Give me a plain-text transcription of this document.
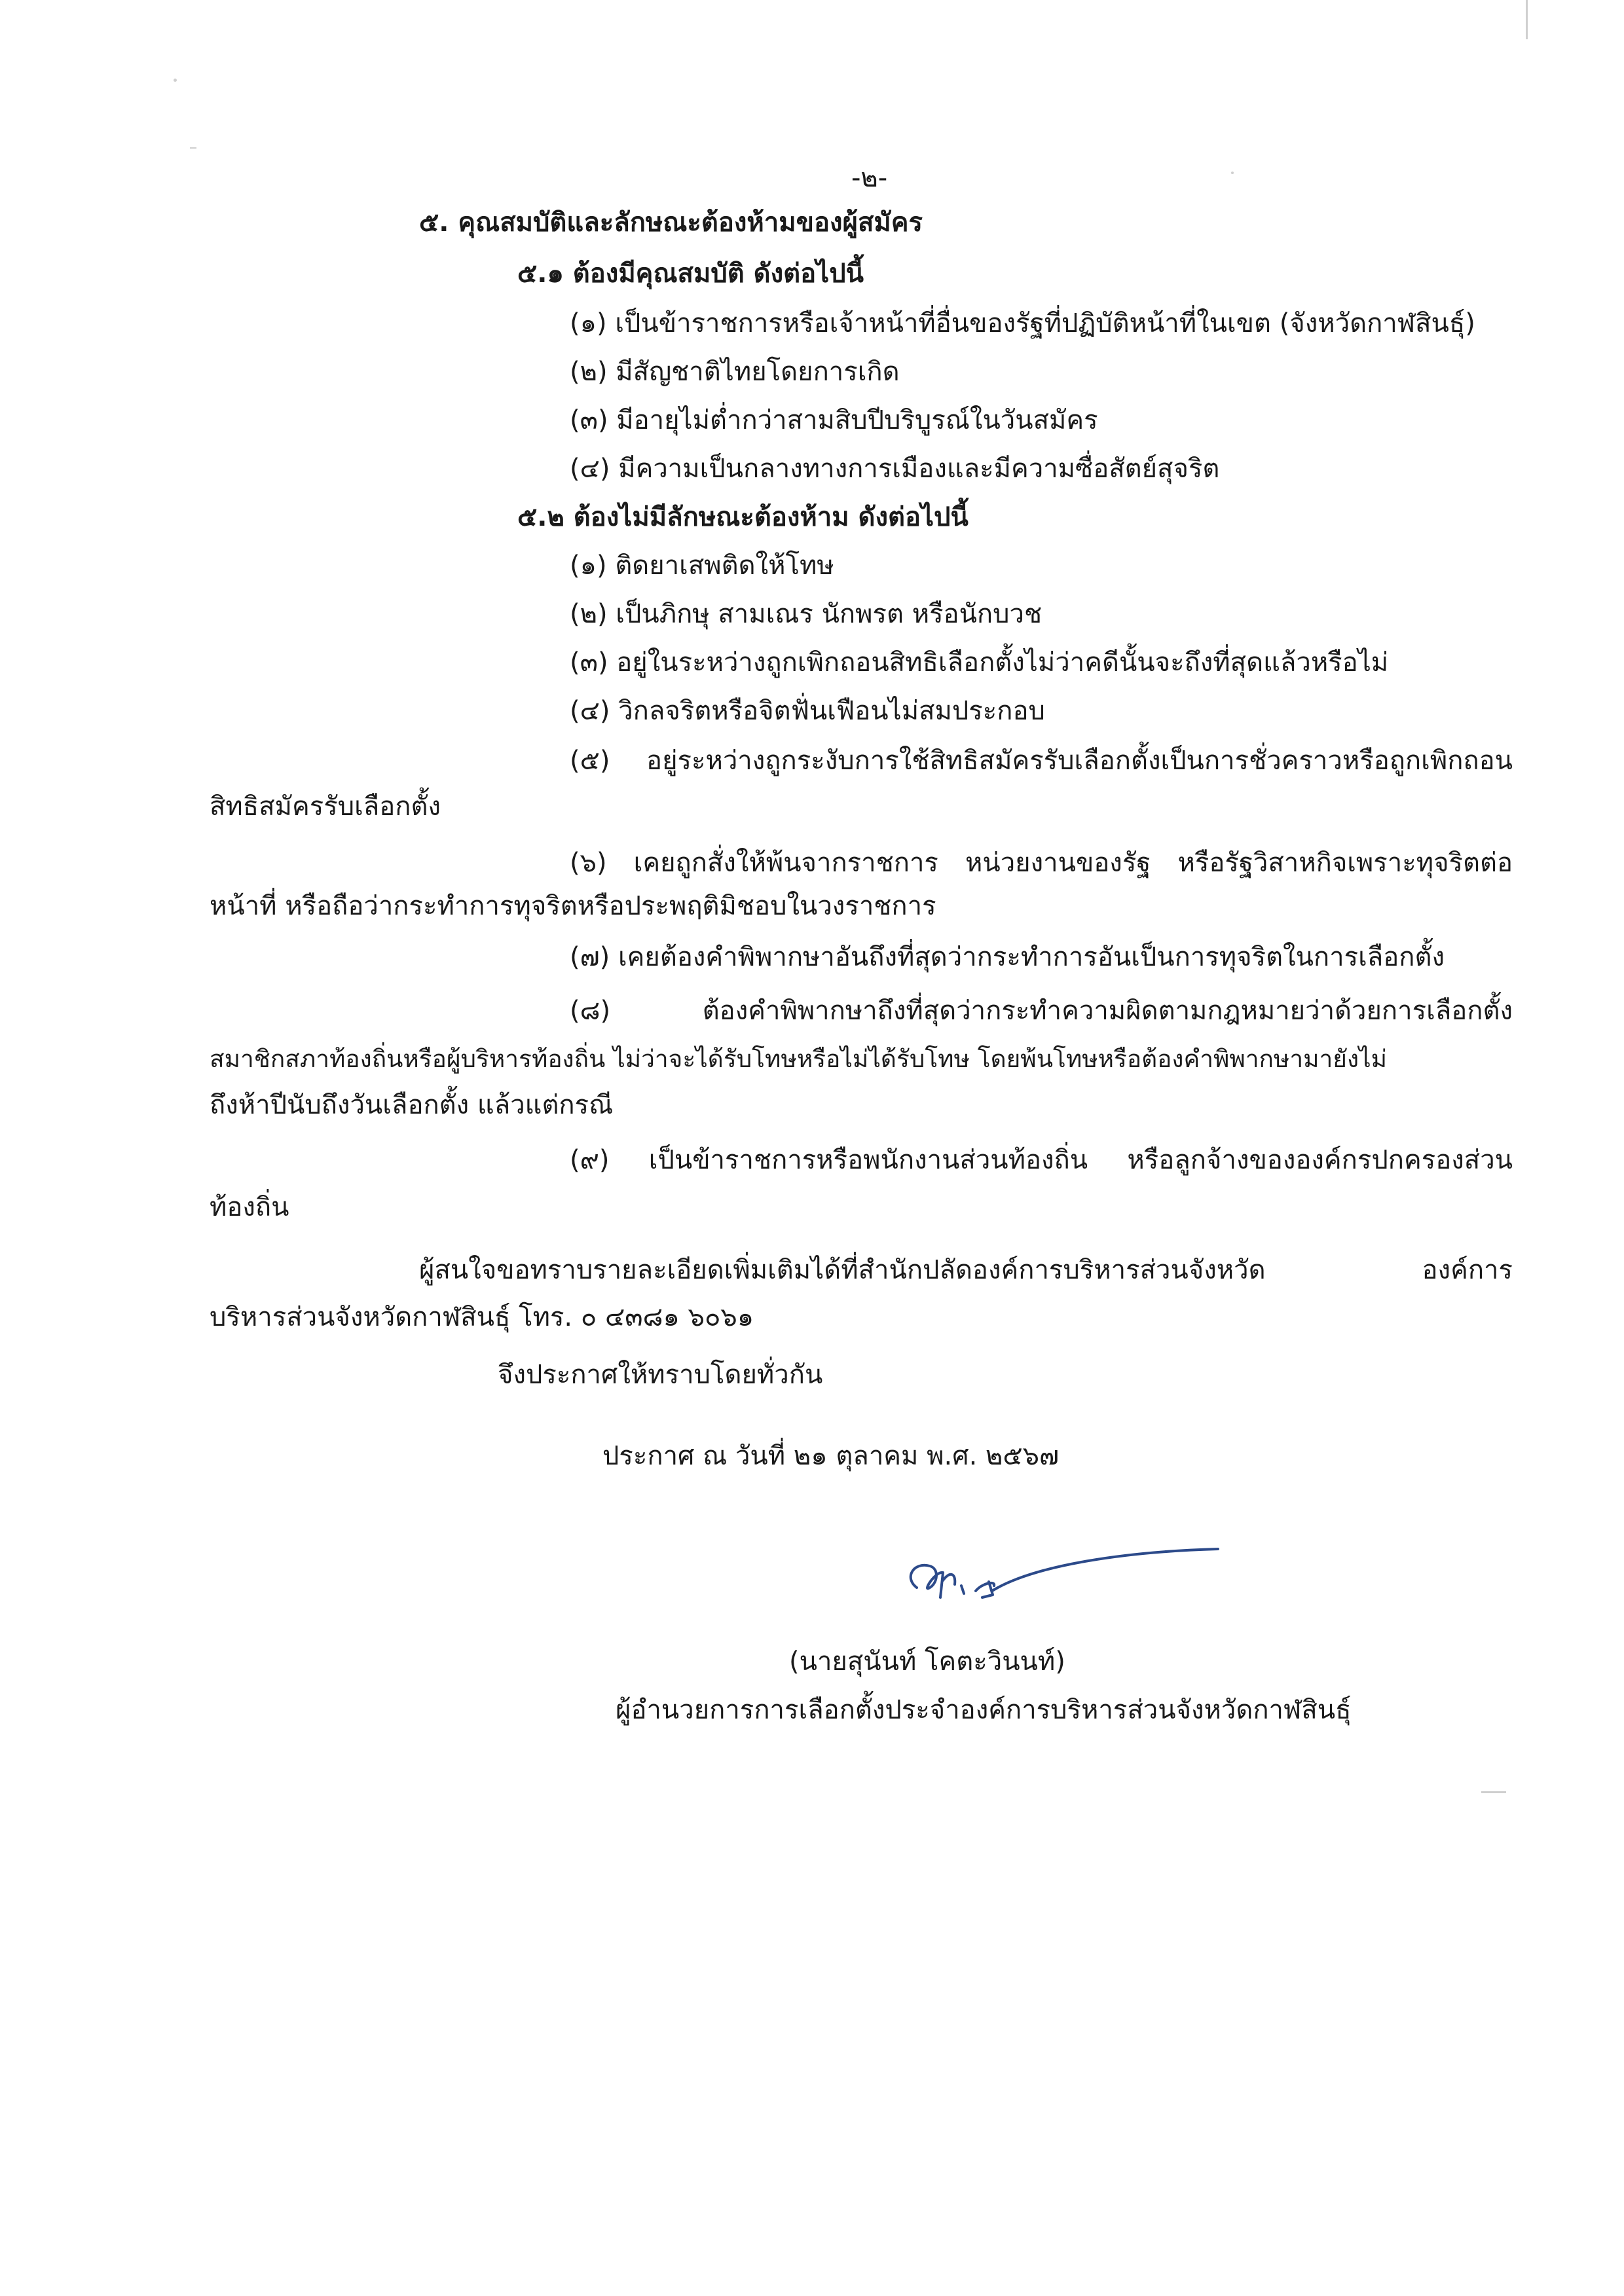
-๒-
๕. คุณสมบัติและลักษณะต้องห้ามของผู้สมัคร
๕.๑ ต้องมีคุณสมบัติ ดังต่อไปนี้
(๑) เป็นข้าราชการหรือเจ้าหน้าที่อื่นของรัฐที่ปฏิบัติหน้าที่ในเขต (จังหวัดกาฬสินธุ์)
(๒) มีสัญชาติไทยโดยการเกิด
(๓) มีอายุไม่ต่ำกว่าสามสิบปีบริบูรณ์ในวันสมัคร
(๔) มีความเป็นกลางทางการเมืองและมีความซื่อสัตย์สุจริต
๕.๒ ต้องไม่มีลักษณะต้องห้าม ดังต่อไปนี้
(๑) ติดยาเสพติดให้โทษ
(๒) เป็นภิกษุ สามเณร นักพรต หรือนักบวช
(๓) อยู่ในระหว่างถูกเพิกถอนสิทธิเลือกตั้งไม่ว่าคดีนั้นจะถึงที่สุดแล้วหรือไม่
(๔) วิกลจริตหรือจิตฟั่นเฟือนไม่สมประกอบ
(๕) อยู่ระหว่างถูกระงับการใช้สิทธิสมัครรับเลือกตั้งเป็นการชั่วคราวหรือถูกเพิกถอน
สิทธิสมัครรับเลือกตั้ง
(๖) เคยถูกสั่งให้พ้นจากราชการ หน่วยงานของรัฐ หรือรัฐวิสาหกิจเพราะทุจริตต่อ
หน้าที่ หรือถือว่ากระทำการทุจริตหรือประพฤติมิชอบในวงราชการ
(๗) เคยต้องคำพิพากษาอันถึงที่สุดว่ากระทำการอันเป็นการทุจริตในการเลือกตั้ง
(๘) ต้องคำพิพากษาถึงที่สุดว่ากระทำความผิดตามกฎหมายว่าด้วยการเลือกตั้ง
สมาชิกสภาท้องถิ่นหรือผู้บริหารท้องถิ่น ไม่ว่าจะได้รับโทษหรือไม่ได้รับโทษ โดยพ้นโทษหรือต้องคำพิพากษามายังไม่
ถึงห้าปีนับถึงวันเลือกตั้ง แล้วแต่กรณี
(๙) เป็นข้าราชการหรือพนักงานส่วนท้องถิ่น หรือลูกจ้างขององค์กรปกครองส่วน
ท้องถิ่น
ผู้สนใจขอทราบรายละเอียดเพิ่มเติมได้ที่สำนักปลัดองค์การบริหารส่วนจังหวัด องค์การ
บริหารส่วนจังหวัดกาฬสินธุ์ โทร. ๐ ๔๓๘๑ ๖๐๖๑
จึงประกาศให้ทราบโดยทั่วกัน
ประกาศ ณ วันที่ ๒๑ ตุลาคม พ.ศ. ๒๕๖๗
(นายสุนันท์ โคตะวินนท์)
ผู้อำนวยการการเลือกตั้งประจำองค์การบริหารส่วนจังหวัดกาฬสินธุ์
